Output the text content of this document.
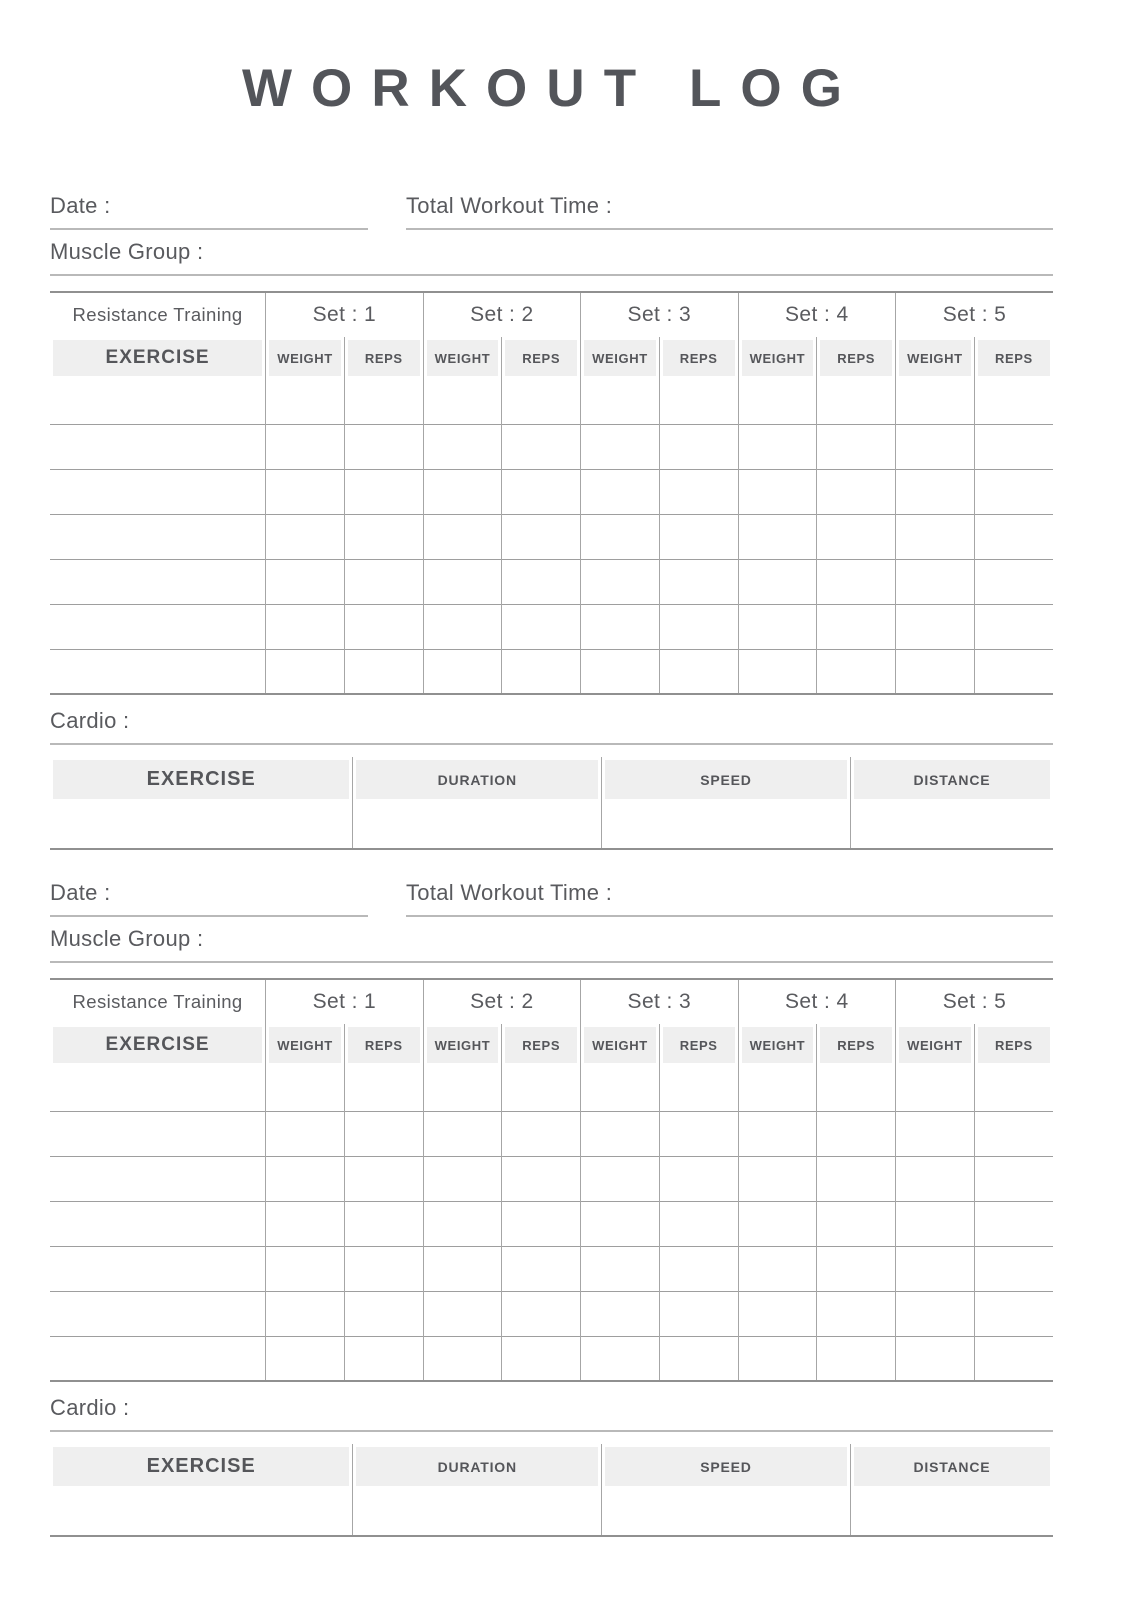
WORKOUT LOG
Date :	Total Workout Time :
Muscle Group :
Resistance Training	Set : 1		Set : 2		Set : 3		Set : 4		Set : 5	

EXERCISE	WEIGHT	REPS	WEIGHT	REPS	WEIGHT	REPS	WEIGHT	REPS	WEIGHT	REPS

Cardio :
EXERCISE	DURATION	SPEED	DISTANCE

Date :	Total Workout Time :
Muscle Group :
Resistance Training	Set : 1		Set : 2		Set : 3		Set : 4		Set : 5	

EXERCISE	WEIGHT	REPS	WEIGHT	REPS	WEIGHT	REPS	WEIGHT	REPS	WEIGHT	REPS

Cardio :
EXERCISE	DURATION	SPEED	DISTANCE
